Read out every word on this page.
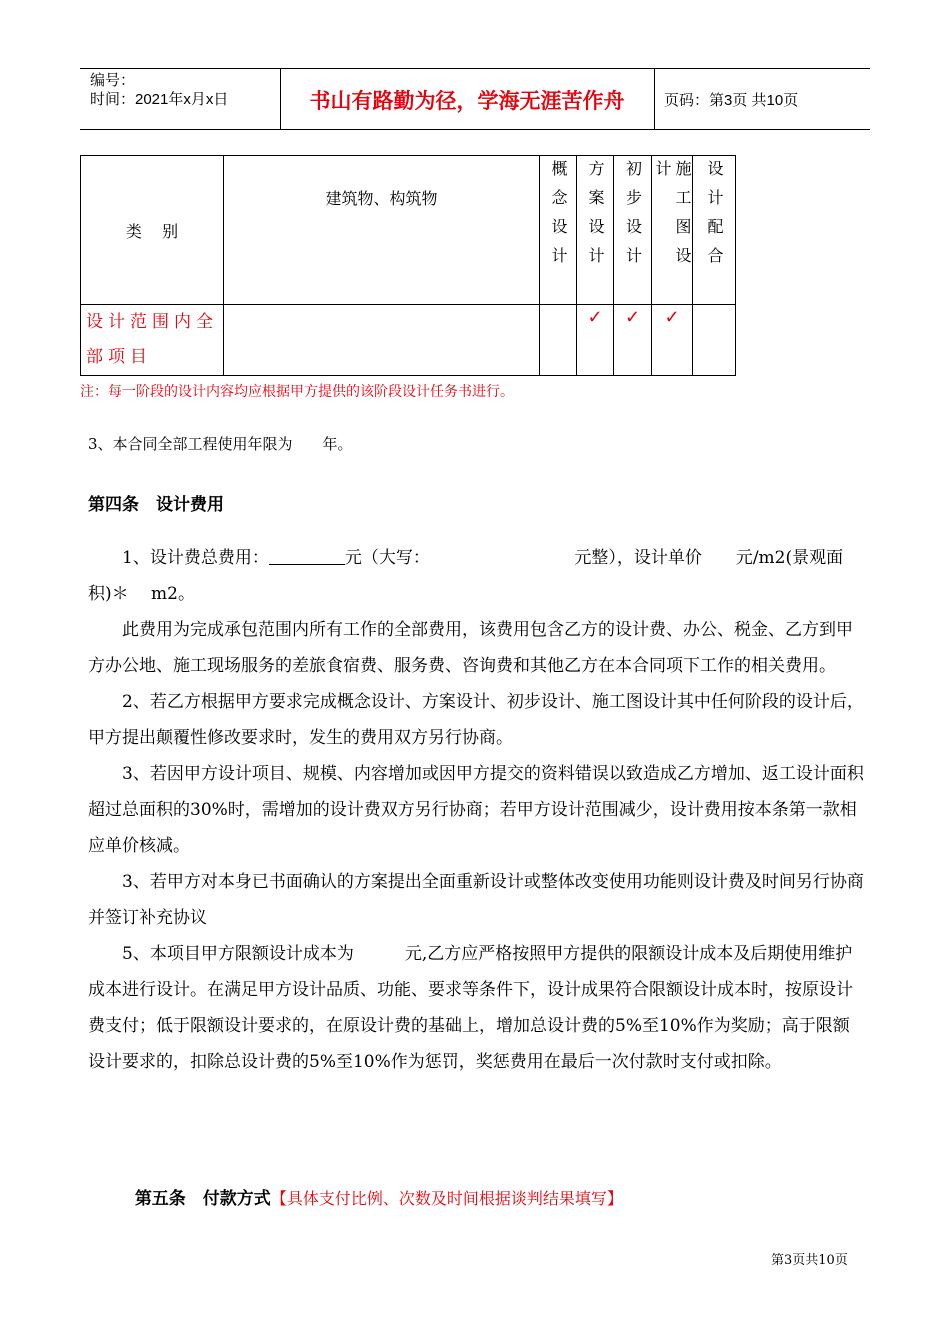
编号：
时间：2021年x月x日	书山有路勤为径，学海无涯苦作舟	页码：第3页 共10页
类    别	建筑物、构筑物	概念设计	方案设计	初步设计	施工图设计	设计配合

设计范围内全部项目			✓	✓	✓	

注：每一阶段的设计内容均应根据甲方提供的该阶段设计任务书进行。
3、本合同全部工程使用年限为　　年。
第四条　设计费用

1、设计费总费用：	元（大写：　　　　　　　　　元整），设计单价　　元/m2(景观面积)＊　 m2。

此费用为完成承包范围内所有工作的全部费用，该费用包含乙方的设计费、办公、税金、乙方到甲方办公地、施工现场服务的差旅食宿费、服务费、咨询费和其他乙方在本合同项下工作的相关费用。

2、若乙方根据甲方要求完成概念设计、方案设计、初步设计、施工图设计其中任何阶段的设计后，甲方提出颠覆性修改要求时，发生的费用双方另行协商。

3、若因甲方设计项目、规模、内容增加或因甲方提交的资料错误以致造成乙方增加、返工设计面积超过总面积的30%时，需增加的设计费双方另行协商；若甲方设计范围减少，设计费用按本条第一款相应单价核减。

3、若甲方对本身已书面确认的方案提出全面重新设计或整体改变使用功能则设计费及时间另行协商并签订补充协议

5、本项目甲方限额设计成本为　　　元,乙方应严格按照甲方提供的限额设计成本及后期使用维护成本进行设计。在满足甲方设计品质、功能、要求等条件下，设计成果符合限额设计成本时，按原设计费支付；低于限额设计要求的，在原设计费的基础上，增加总设计费的5%至10%作为奖励；高于限额设计要求的，扣除总设计费的5%至10%作为惩罚，奖惩费用在最后一次付款时支付或扣除。

第五条　付款方式【具体支付比例、次数及时间根据谈判结果填写】

第3页共10页
